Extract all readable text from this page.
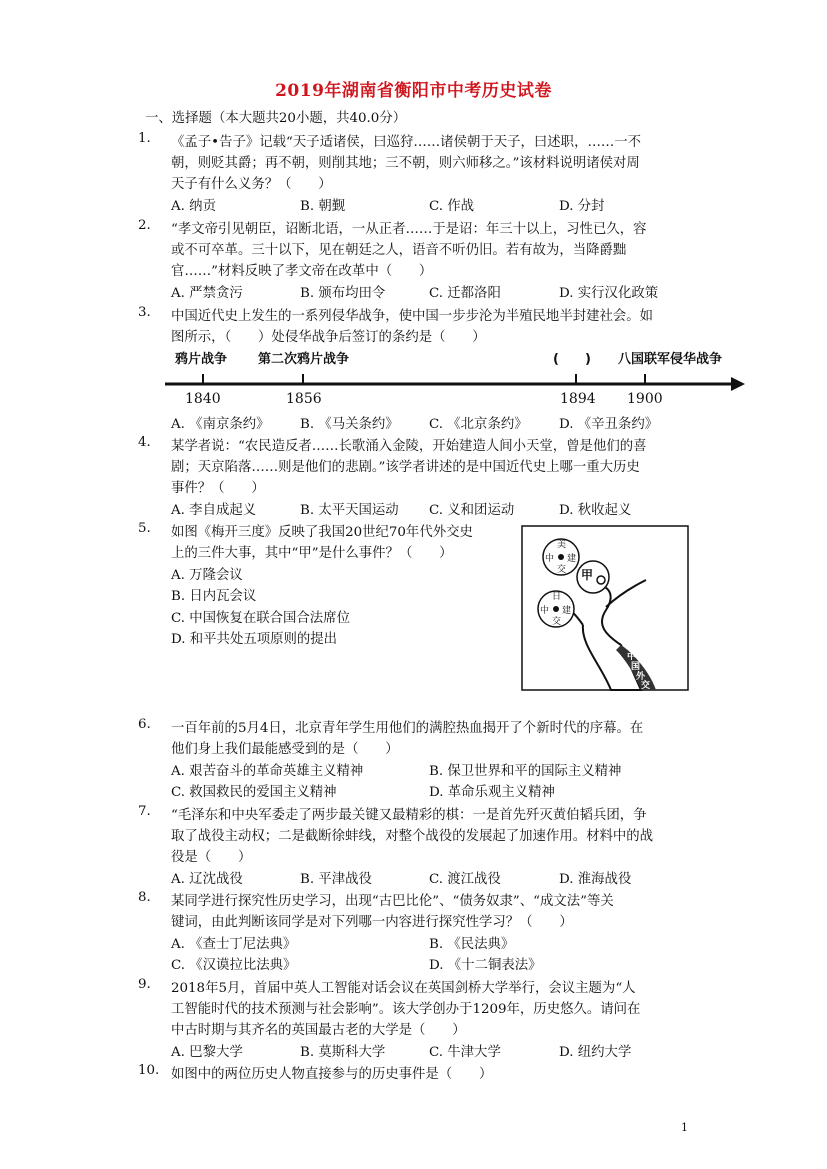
2019年湖南省衡阳市中考历史试卷
一、选择题（本大题共20小题，共40.0分）
1.	《孟子•告子》记载“天子适诸侯，曰巡狩……诸侯朝于天子，曰述职，……一不
朝，则贬其爵；再不朝，则削其地；三不朝，则六师移之。”该材料说明诸侯对周
天子有什么义务？（　　）
A. 纳贡	B. 朝觐	C. 作战	D. 分封
2.	“孝文帝引见朝臣，诏断北语，一从正者……于是诏：年三十以上，习性已久，容
或不可卒革。三十以下，见在朝廷之人，语音不听仍旧。若有故为，当降爵黜
官……”材料反映了孝文帝在改革中（　　）
A. 严禁贪污	B. 颁布均田令	C. 迁都洛阳	D. 实行汉化政策
3.	中国近代史上发生的一系列侵华战争，使中国一步步沦为半殖民地半封建社会。如
图所示，（　　）处侵华战争后签订的条约是（　　）
鸦片战争 第二次鸦片战争	(　　) 八国联军侵华战争
1840	1856	1894 1900
A. 《南京条约》 B. 《马关条约》 C. 《北京条约》 D. 《辛丑条约》
4.	某学者说：“农民造反者……长歌涌入金陵，开始建造人间小天堂，曾是他们的喜
剧；天京陷落……则是他们的悲剧。”该学者讲述的是中国近代史上哪一重大历史
事件？（　　）
A. 李自成起义	B. 太平天国运动 C. 义和团运动	D. 秋收起义
5.	如图《梅开三度》反映了我国20世纪70年代外交史
上的三件大事，其中“甲”是什么事件？（　　）
A. 万隆会议
B. 日内瓦会议
C. 中国恢复在联合国合法席位
D. 和平共处五项原则的提出
美
中 建
交
日
中 建
交
甲
中
国
外
交
6.	一百年前的5月4日，北京青年学生用他们的满腔热血揭开了个新时代的序幕。在
他们身上我们最能感受到的是（　　）
A. 艰苦奋斗的革命英雄主义精神	B. 保卫世界和平的国际主义精神
C. 救国救民的爱国主义精神	D. 革命乐观主义精神
7.	“毛泽东和中央军委走了两步最关键又最精彩的棋：一是首先歼灭黄伯韬兵团，争
取了战役主动权；二是截断徐蚌线，对整个战役的发展起了加速作用。材料中的战
役是（　　）
A. 辽沈战役	B. 平津战役	C. 渡江战役	D. 淮海战役
8.	某同学进行探究性历史学习，出现“古巴比伦”、“债务奴隶”、“成文法”等关
键词，由此判断该同学是对下列哪一内容进行探究性学习？（　　）
A. 《查士丁尼法典》	B. 《民法典》
C. 《汉谟拉比法典》	D. 《十二铜表法》
9.	2018年5月，首届中英人工智能对话会议在英国剑桥大学举行，会议主题为“人
工智能时代的技术预测与社会影响”。该大学创办于1209年，历史悠久。请问在
中古时期与其齐名的英国最古老的大学是（　　）
A. 巴黎大学	B. 莫斯科大学	C. 牛津大学	D. 纽约大学
10. 如图中的两位历史人物直接参与的历史事件是（　　）
1
